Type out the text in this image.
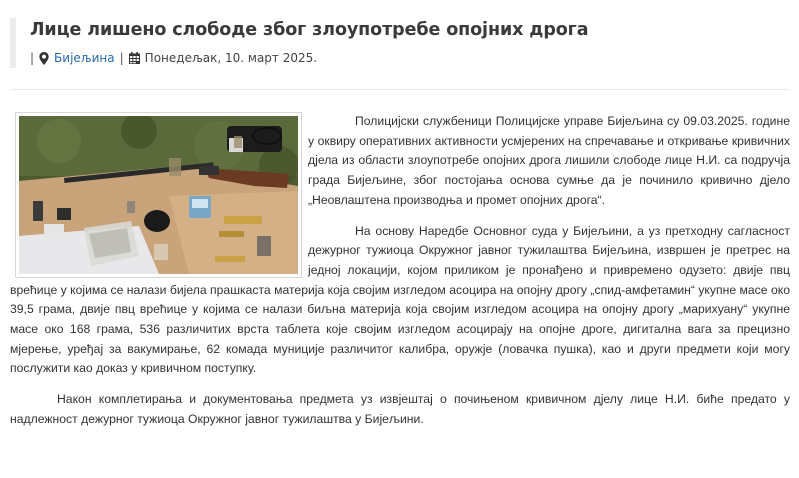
Лице лишено слободе због злоупотребе опојних дрога
| Бијељина | Понедељак, 10. март 2025.

Полицијски службеници Полицијске управе Бијељина су 09.03.2025. године у оквиру оперативних активности усмјерених на спречавање и откривање кривичних дјела из области злоупотребе опојних дрога лишили слободе лице Н.И. са подручја града Бијељине, због постојања основа сумње да је починило кривично дјело „Неовлаштена производња и промет опојних дрога“.

На основу Наредбе Основног суда у Бијељини, а уз претходну сагласност дежурног тужиоца Окружног јавног тужилаштва Бијељина, извршен је претрес на једној локацији, којом приликом је пронађено и привремено одузето: двије пвц врећице у којима се налази бијела прашкаста материја која својим изгледом асоцира на опојну дрогу „спид-амфетамин“ укупне масе око 39,5 грама, двије пвц врећице у којима се налази биљна материја која својим изгледом асоцира на опојну дрогу „марихуану“ укупне масе око 168 грама, 536 различитих врста таблета које својим изгледом асоцирају на опојне дроге, дигитална вага за прецизно мјерење, уређај за вакумирање, 62 комада муниције различитог калибра, оружје (ловачка пушка), као и други предмети који могу послужити као доказ у кривичном поступку.

Након комплетирања и документовања предмета уз извјештај о почињеном кривичном дјелу лице Н.И. биће предато у надлежност дежурног тужиоца Окружног јавног тужилаштва у Бијељини.
